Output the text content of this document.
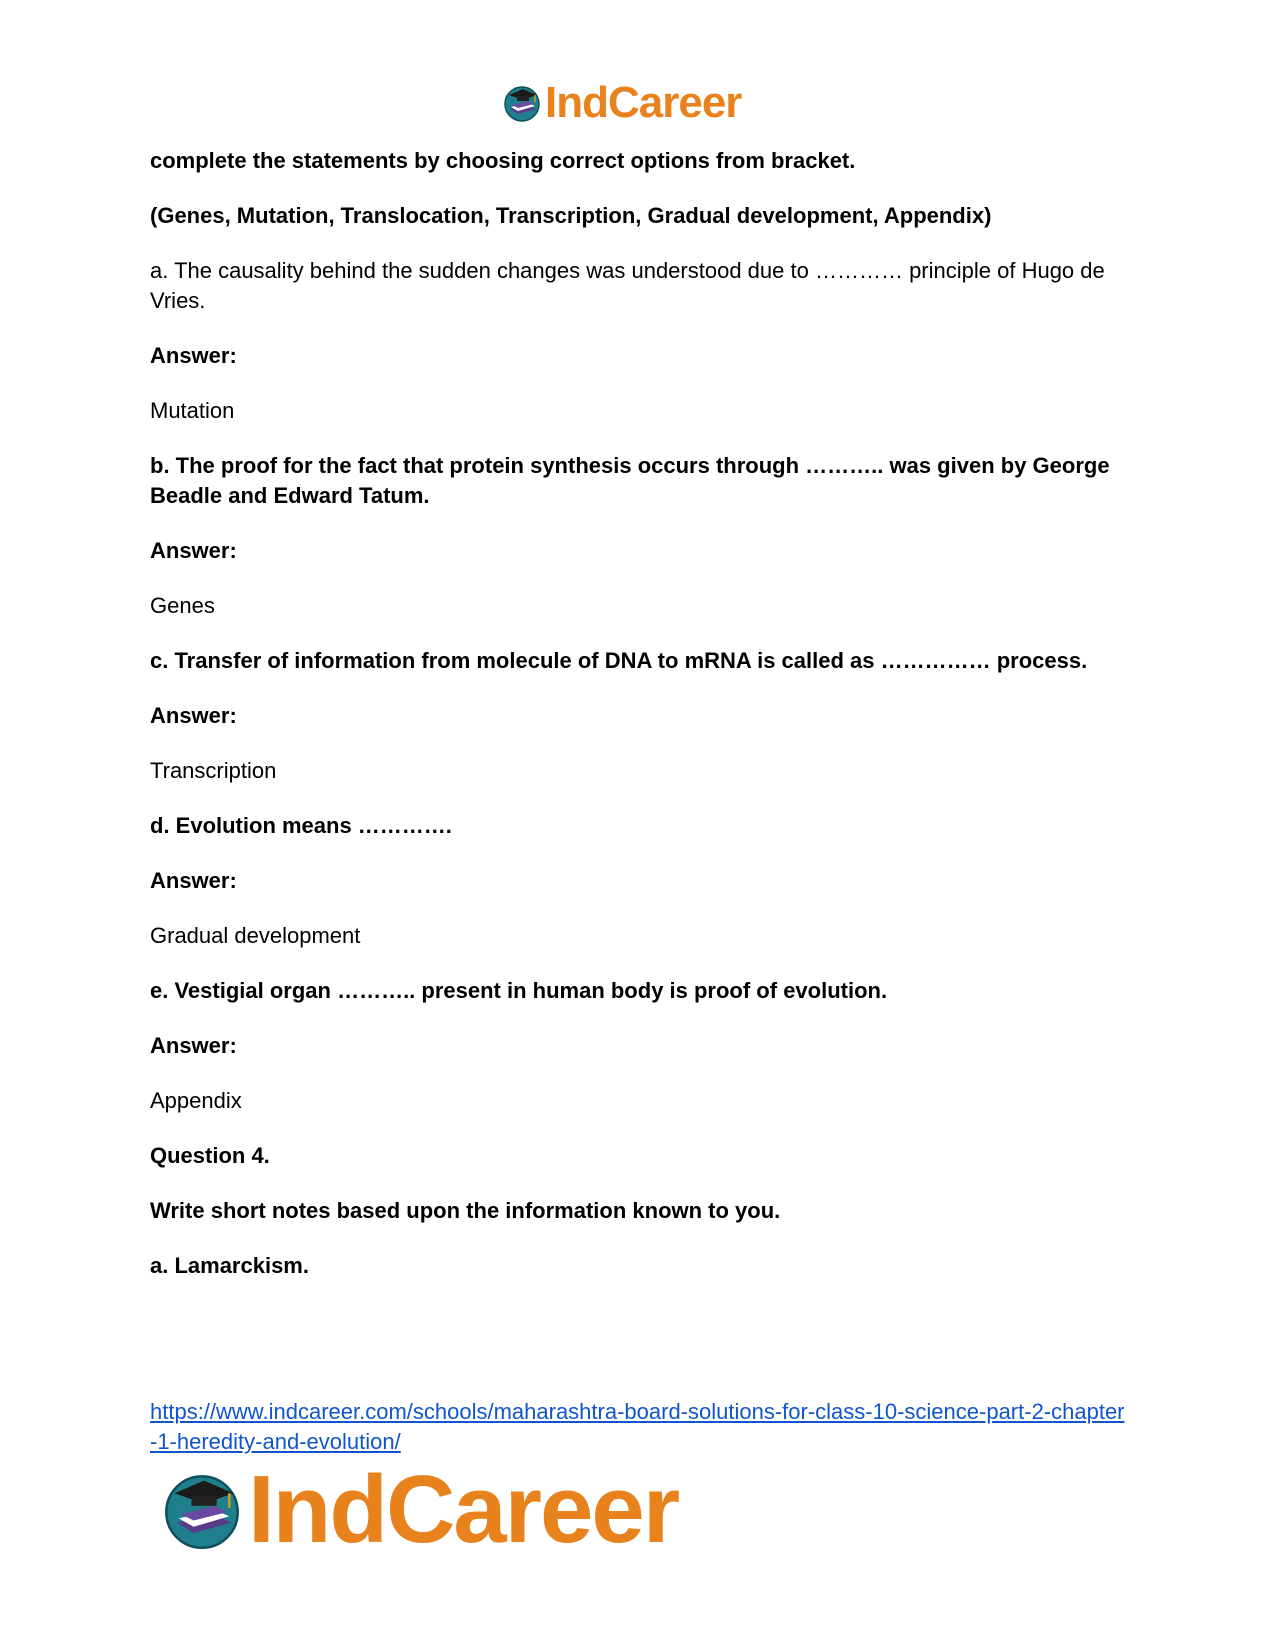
IndCareer

complete the statements by choosing correct options from bracket.

(Genes, Mutation, Translocation, Transcription, Gradual development, Appendix)

a. The causality behind the sudden changes was understood due to ………… principle of Hugo de Vries.

Answer:

Mutation

b. The proof for the fact that protein synthesis occurs through ……….. was given by George Beadle and Edward Tatum.

Answer:

Genes

c. Transfer of information from molecule of DNA to mRNA is called as …………… process.

Answer:

Transcription

d. Evolution means ………….

Answer:

Gradual development

e. Vestigial organ ……….. present in human body is proof of evolution.

Answer:

Appendix

Question 4.

Write short notes based upon the information known to you.

a. Lamarckism.

https://www.indcareer.com/schools/maharashtra-board-solutions-for-class-10-science-part-2-chapter-1-heredity-and-evolution/
IndCareer
